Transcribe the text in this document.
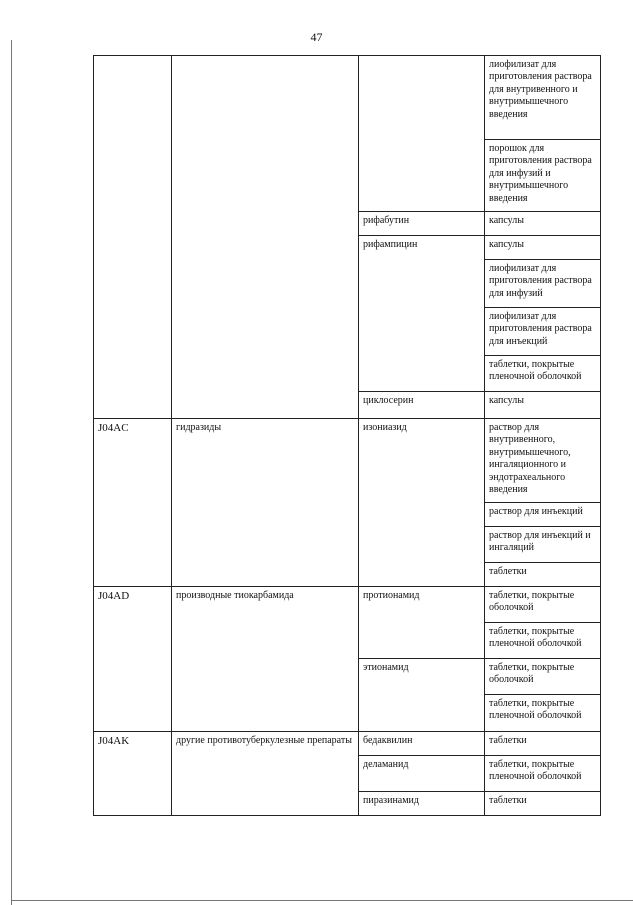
47
			лиофилизат для приготовления раствора для внутривенного и внутримышечного введения
			порошок для приготовления раствора для инфузий и внутримышечного введения
		рифабутин	капсулы
		рифампицин	капсулы
			лиофилизат для приготовления раствора для инфузий
			лиофилизат для приготовления раствора для инъекций
			таблетки, покрытые пленочной оболочкой
		циклосерин	капсулы
J04AC	гидразиды	изониазид	раствор для внутривенного, внутримышечного, ингаляционного и эндотрахеального введения
			раствор для инъекций
			раствор для инъекций и ингаляций
			таблетки
J04AD	производные тиокарбамида	протионамид	таблетки, покрытые оболочкой
			таблетки, покрытые пленочной оболочкой
		этионамид	таблетки, покрытые оболочкой
			таблетки, покрытые пленочной оболочкой
J04AK	другие противотуберкулезные препараты	бедаквилин	таблетки
		деламанид	таблетки, покрытые пленочной оболочкой
		пиразинамид	таблетки
